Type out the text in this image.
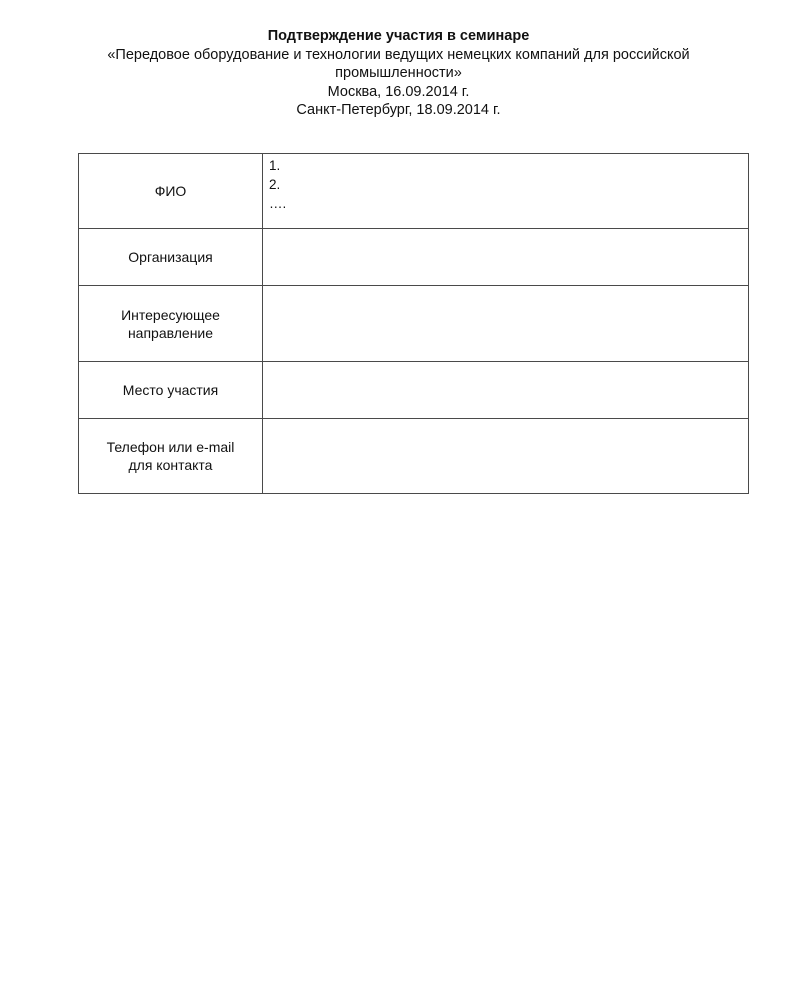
Подтверждение участия в семинаре
«Передовое оборудование и технологии ведущих немецких компаний для российской промышленности»
Москва, 16.09.2014 г.
Санкт-Петербург, 18.09.2014 г.
ФИО	1.
2.
….

Организация	

Интересующее
направление	

Место участия	

Телефон или e-mail
для контакта	
